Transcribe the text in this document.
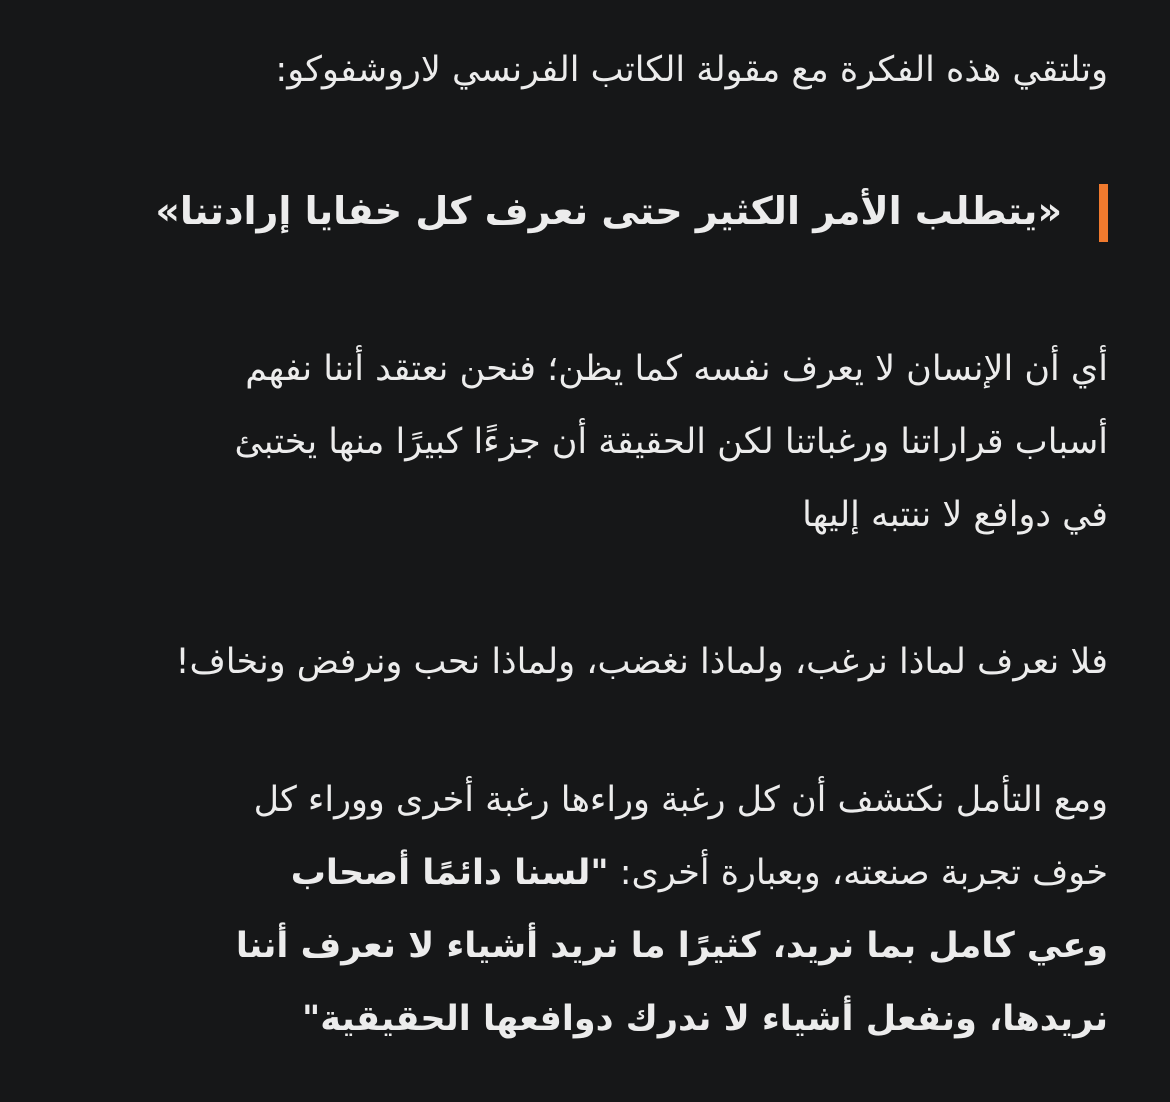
وتلتقي هذه الفكرة مع مقولة الكاتب الفرنسي لاروشفوكو:

«يتطلب الأمر الكثير حتى نعرف كل خفايا إرادتنا»

أي أن الإنسان لا يعرف نفسه كما يظن؛ فنحن نعتقد أننا نفهم
أسباب قراراتنا ورغباتنا لكن الحقيقة أن جزءًا كبيرًا منها يختبئ
في دوافع لا ننتبه إليها

فلا نعرف لماذا نرغب، ولماذا نغضب، ولماذا نحب ونرفض ونخاف!

ومع التأمل نكتشف أن كل رغبة وراءها رغبة أخرى ووراء كل
خوف تجربة صنعته، وبعبارة أخرى: "لسنا دائمًا أصحاب
وعي كامل بما نريد، كثيرًا ما نريد أشياء لا نعرف أننا
نريدها، ونفعل أشياء لا ندرك دوافعها الحقيقية"
